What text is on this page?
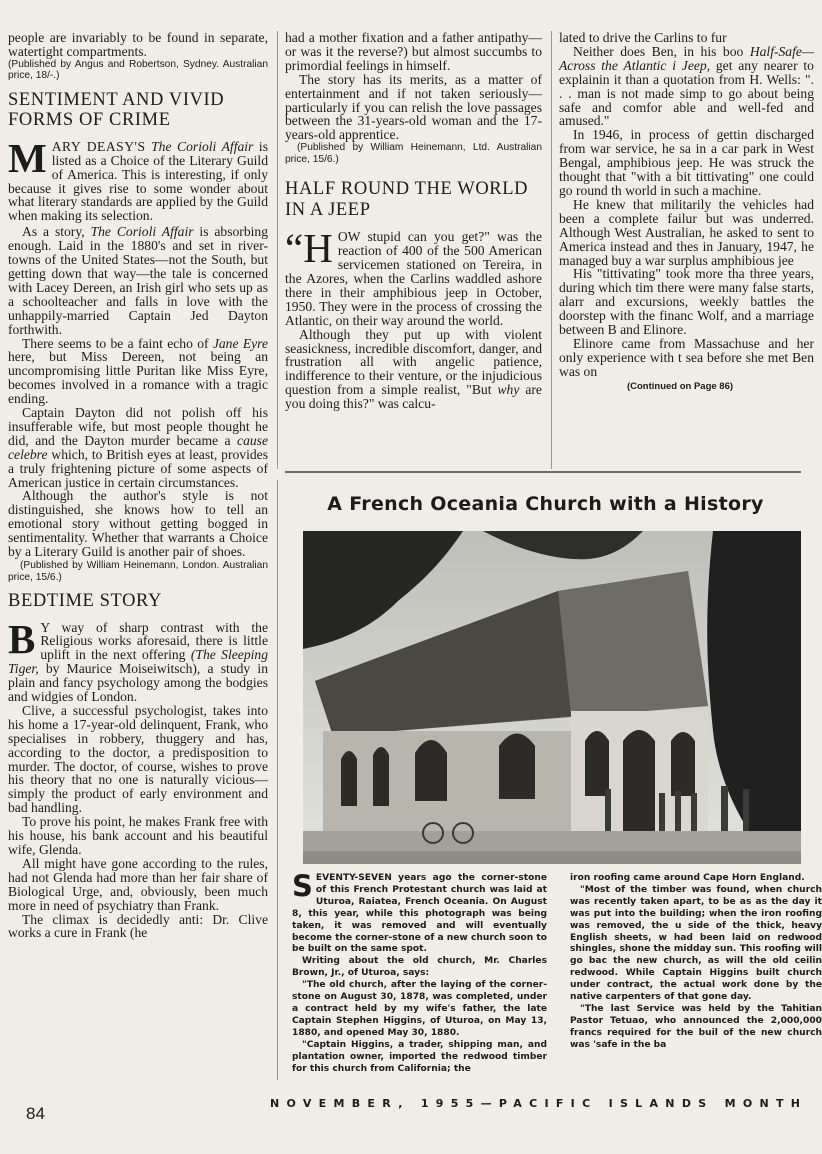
people are invariably to be found in separate, watertight compartments.

(Published by Angus and Robertson, Sydney. Australian price, 18/-.)

SENTIMENT AND VIVID FORMS OF CRIME

MARY DEASY'S The Corioli Affair is listed as a Choice of the Literary Guild of America. This is interesting, if only because it gives rise to some wonder about what literary standards are applied by the Guild when making its selection.

As a story, The Corioli Affair is absorbing enough. Laid in the 1880's and set in river-towns of the United States—not the South, but getting down that way—the tale is concerned with Lacey Dereen, an Irish girl who sets up as a schoolteacher and falls in love with the unhappily-married Captain Jed Dayton forthwith.

There seems to be a faint echo of Jane Eyre here, but Miss Dereen, not being an uncompromising little Puritan like Miss Eyre, becomes involved in a romance with a tragic ending.

Captain Dayton did not polish off his insufferable wife, but most people thought he did, and the Dayton murder became a cause celebre which, to British eyes at least, provides a truly frightening picture of some aspects of American justice in certain circumstances.

Although the author's style is not distinguished, she knows how to tell an emotional story without getting bogged in sentimentality. Whether that warrants a Choice by a Literary Guild is another pair of shoes.

(Published by William Heinemann, London. Australian price, 15/6.)

BEDTIME STORY

B Y way of sharp contrast with the Religious works aforesaid, there is little uplift in the next offering (The Sleeping Tiger, by Maurice Moiseiwitsch), a study in plain and fancy psychology among the bodgies and widgies of London.

Clive, a successful psychologist, takes into his home a 17-year-old delinquent, Frank, who specialises in robbery, thuggery and has, according to the doctor, a predisposition to murder. The doctor, of course, wishes to prove his theory that no one is naturally vicious—simply the product of early environment and bad handling.

To prove his point, he makes Frank free with his house, his bank account and his beautiful wife, Glenda.

All might have gone according to the rules, had not Glenda had more than her fair share of Biological Urge, and, obviously, been much more in need of psychiatry than Frank.

The climax is decidedly anti: Dr. Clive works a cure in Frank (he

had a mother fixation and a father antipathy—or was it the reverse?) but almost succumbs to primordial feelings in himself.

The story has its merits, as a matter of entertainment and if not taken seriously—particularly if you can relish the love passages between the 31-years-old woman and the 17-years-old apprentice.

(Published by William Heinemann, Ltd. Australian price, 15/6.)

HALF ROUND THE WORLD IN A JEEP

“H OW stupid can you get?" was the reaction of 400 of the 500 American servicemen stationed on Tereira, in the Azores, when the Carlins waddled ashore there in their amphibious jeep in October, 1950. They were in the process of crossing the Atlantic, on their way around the world.

Although they put up with violent seasickness, incredible discomfort, danger, and frustration all with angelic patience, indifference to their venture, or the injudicious question from a simple realist, "But why are you doing this?" was calcu-

lated to drive the Carlins to fur

Neither does Ben, in his boo Half-Safe—Across the Atlantic i Jeep, get any nearer to explainin it than a quotation from H. Wells: ". . . man is not made simp to go about being safe and comfor able and well-fed and amused."

In 1946, in process of gettin discharged from war service, he sa in a car park in West Bengal, amphibious jeep. He was struck the thought that "with a bit tittivating" one could go round th world in such a machine.

He knew that militarily the vehicles had been a complete failur but was underred. Although West Australian, he asked to sent to America instead and thes in January, 1947, he managed buy a war surplus amphibious jee

His "tittivating" took more tha three years, during which tim there were many false starts, alarr and excursions, weekly battles the doorstep with the financ Wolf, and a marriage between B and Elinore.

Elinore came from Massachuse and her only experience with t sea before she met Ben was on

(Continued on Page 86)
A French Oceania Church with a History

SEVENTY-SEVEN years ago the corner-stone of this French Protestant church was laid at Uturoa, Raiatea, French Oceania. On August 8, this year, while this photograph was being taken, it was removed and will eventually become the corner-stone of a new church soon to be built on the same spot.

Writing about the old church, Mr. Charles Brown, Jr., of Uturoa, says:

"The old church, after the laying of the corner-stone on August 30, 1878, was completed, under a contract held by my wife's father, the late Captain Stephen Higgins, of Uturoa, on May 13, 1880, and opened May 30, 1880.

"Captain Higgins, a trader, shipping man, and plantation owner, imported the redwood timber for this church from California; the

iron roofing came around Cape Horn England.

"Most of the timber was found, when church was recently taken apart, to be as as the day it was put into the building; when the iron roofing was removed, the u side of the thick, heavy English sheets, w had been laid on redwood shingles, shone the midday sun. This roofing will go bac the new church, as will the old ceilin redwood. While Captain Higgins built church under contract, the actual work done by the native carpenters of that gone day.

"The last Service was held by the Tahitian Pastor Tetuao, who announced the 2,000,000 francs required for the buil of the new church was 'safe in the ba

84
NOVEMBER, 1955—PACIFIC ISLANDS MONTH
